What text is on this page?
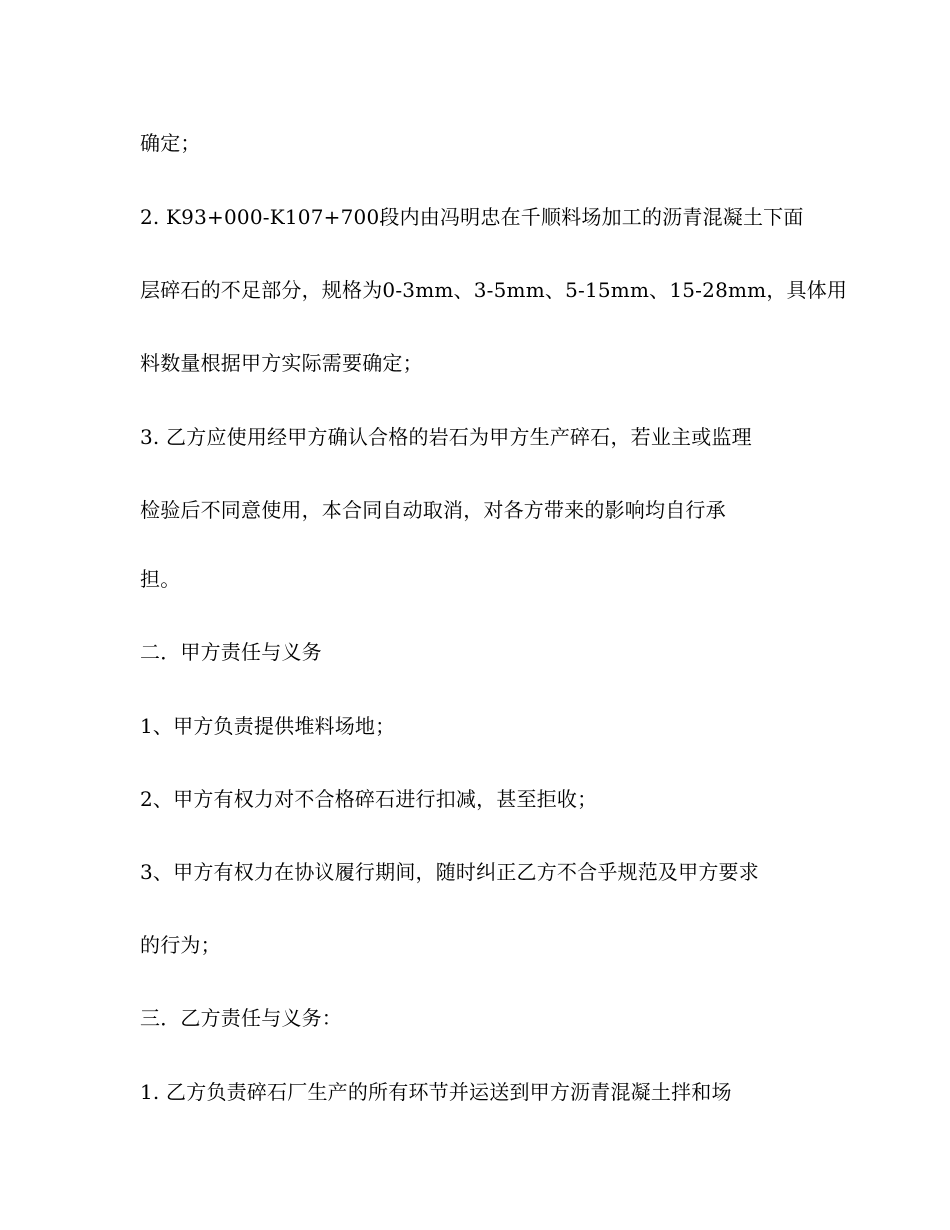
确定；
2. K93+000-K107+700段内由冯明忠在千顺料场加工的沥青混凝土下面
层碎石的不足部分，规格为0-3mm、3-5mm、5-15mm、15-28mm，具体用
料数量根据甲方实际需要确定；
3. 乙方应使用经甲方确认合格的岩石为甲方生产碎石，若业主或监理
检验后不同意使用，本合同自动取消，对各方带来的影响均自行承
担。
二．甲方责任与义务
1、甲方负责提供堆料场地；
2、甲方有权力对不合格碎石进行扣减，甚至拒收；
3、甲方有权力在协议履行期间，随时纠正乙方不合乎规范及甲方要求
的行为；
三．乙方责任与义务：
1. 乙方负责碎石厂生产的所有环节并运送到甲方沥青混凝土拌和场
